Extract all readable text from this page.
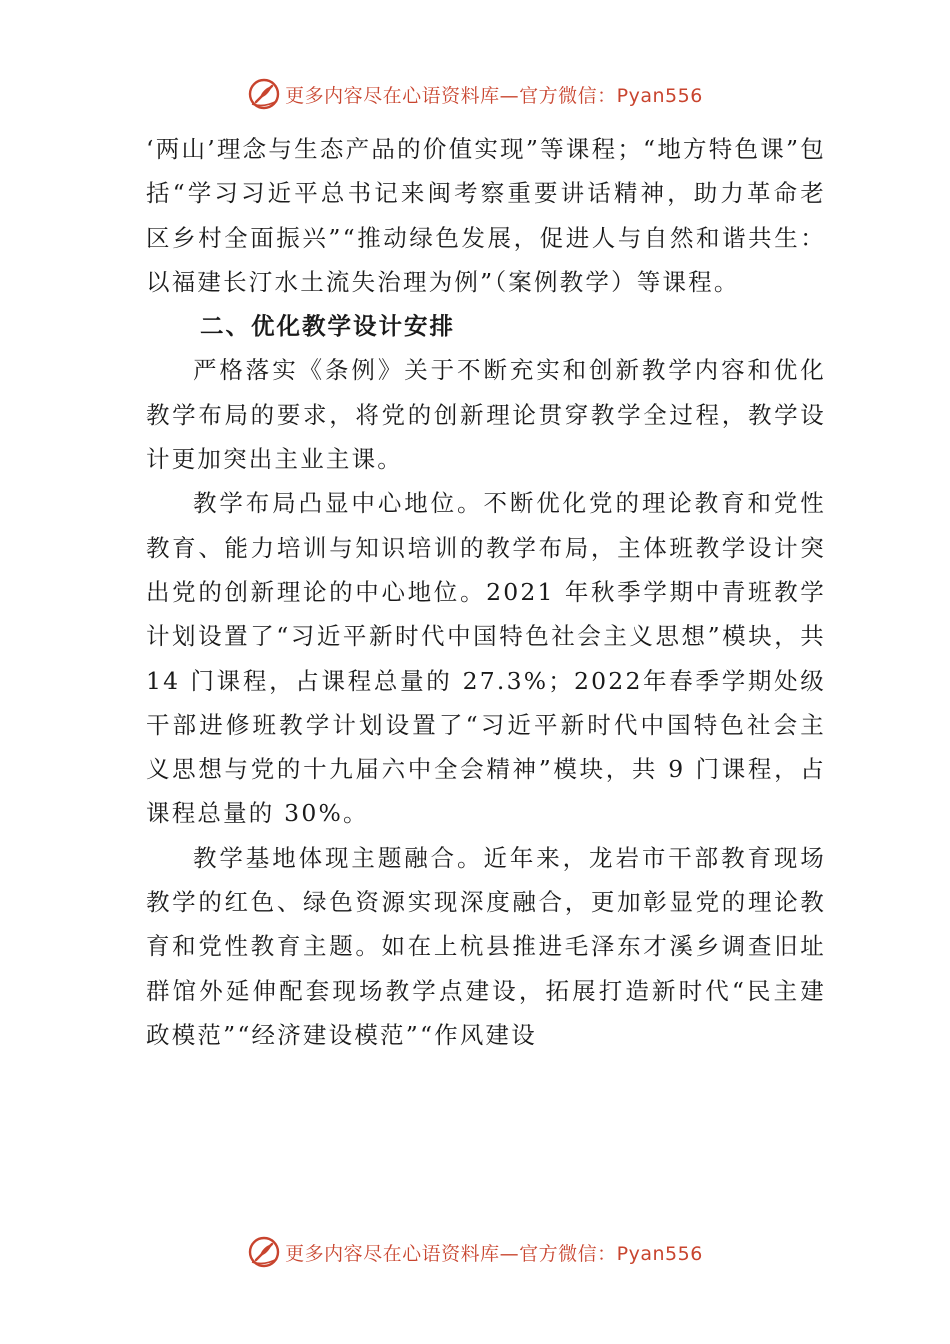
更多内容尽在心语资料库—官方微信：Pyan556

‘两山’理念与生态产品的价值实现”等课程；“地方特色课”包括“学习习近平总书记来闽考察重要讲话精神，助力革命老区乡村全面振兴”“推动绿色发展，促进人与自然和谐共生：以福建长汀水土流失治理为例”（案例教学）等课程。

二、优化教学设计安排

严格落实《条例》关于不断充实和创新教学内容和优化教学布局的要求，将党的创新理论贯穿教学全过程，教学设计更加突出主业主课。

教学布局凸显中心地位。不断优化党的理论教育和党性教育、能力培训与知识培训的教学布局，主体班教学设计突出党的创新理论的中心地位。2021 年秋季学期中青班教学计划设置了“习近平新时代中国特色社会主义思想”模块，共 14 门课程，占课程总量的 27.3%；2022年春季学期处级干部进修班教学计划设置了“习近平新时代中国特色社会主义思想与党的十九届六中全会精神”模块，共 9 门课程，占课程总量的 30%。

教学基地体现主题融合。近年来，龙岩市干部教育现场教学的红色、绿色资源实现深度融合，更加彰显党的理论教育和党性教育主题。如在上杭县推进毛泽东才溪乡调查旧址群馆外延伸配套现场教学点建设，拓展打造新时代“民主建政模范”“经济建设模范”“作风建设

更多内容尽在心语资料库—官方微信：Pyan556
